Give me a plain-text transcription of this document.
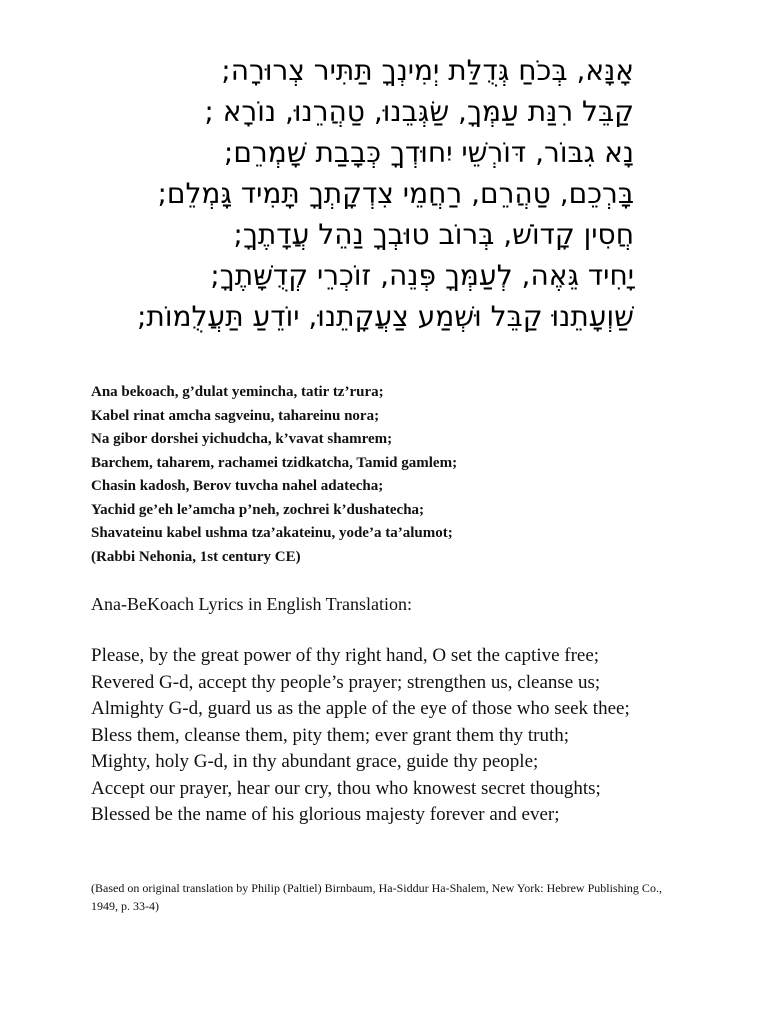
אָנָּא, בְּכֹחַ גְּדֻלַּת יְמִינְךָ תַּתִּיר צְרוּרָה;
קַבֵּל רִנַּת עַמְּךָ, שַׂגְּבֵנוּ, טַהֲרֵנוּ, נוֹרָא ;
נָא גִבּוֹר, דּוֹרְשֵׁי יִחוּדְךָ כְּבָבַת שָׁמְרֵם;
בָּרְכֵם, טַהֲרֵם, רַחֲמֵי צִדְקָתְךָ תָּמִיד גָּמְלֵם;
חֲסִין קָדוֹשׁ, בְּרוֹב טוּבְךָ נַהֵל עֲדָתֶךָ;
יָחִיד גֵּאֶה, לְעַמְּךָ פְּנֵה, זוֹכְרֵי קְדֻשָּׁתֶךָ;
שַׁוְעָתֵנוּ קַבֵּל וּשְׁמַע צַעֲקָתֵנוּ, יוֹדֵעַ תַּעֲלֻמוֹת;
Ana bekoach, g’dulat yemincha, tatir tz’rura;
Kabel rinat amcha sagveinu, tahareinu nora;
Na gibor dorshei yichudcha, k’vavat shamrem;
Barchem, taharem, rachamei tzidkatcha, Tamid gamlem;
Chasin kadosh, Berov tuvcha nahel adatecha;
Yachid ge’eh le’amcha p’neh, zochrei k’dushatecha;
Shavateinu kabel ushma tza’akateinu, yode’a ta’alumot;
(Rabbi Nehonia, 1st century CE)
Ana-BeKoach Lyrics in English Translation:
Please, by the great power of thy right hand, O set the captive free;
Revered G-d, accept thy people’s prayer; strengthen us, cleanse us;
Almighty G-d, guard us as the apple of the eye of those who seek thee;
Bless them, cleanse them, pity them; ever grant them thy truth;
Mighty, holy G-d, in thy abundant grace, guide thy people;
Accept our prayer, hear our cry, thou who knowest secret thoughts;
Blessed be the name of his glorious majesty forever and ever;
(Based on original translation by Philip (Paltiel) Birnbaum, Ha-Siddur Ha-Shalem, New York: Hebrew Publishing Co., 1949, p. 33-4)
